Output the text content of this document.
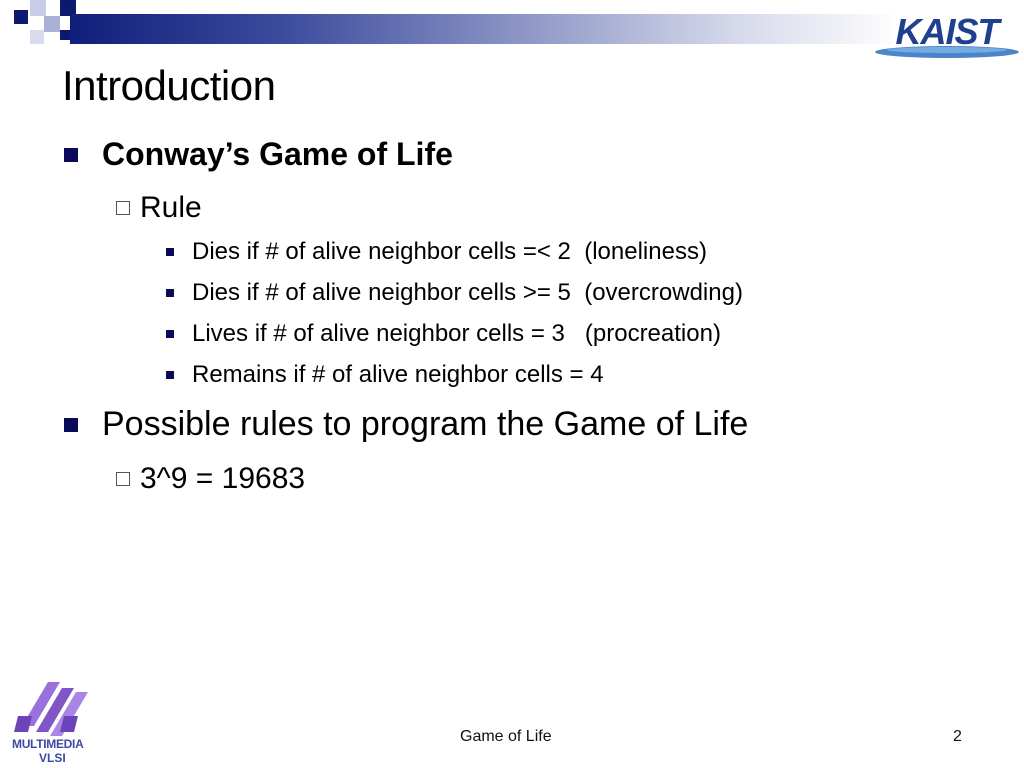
KAIST
Introduction
Conway’s Game of Life
Rule
Dies if # of alive neighbor cells =< 2  (loneliness)
Dies if # of alive neighbor cells >= 5  (overcrowding)
Lives if # of alive neighbor cells = 3   (procreation)
Remains if # of alive neighbor cells = 4
Possible rules to program the Game of Life
3^9 = 19683
MULTIMEDIA
VLSI
Game of Life	2
